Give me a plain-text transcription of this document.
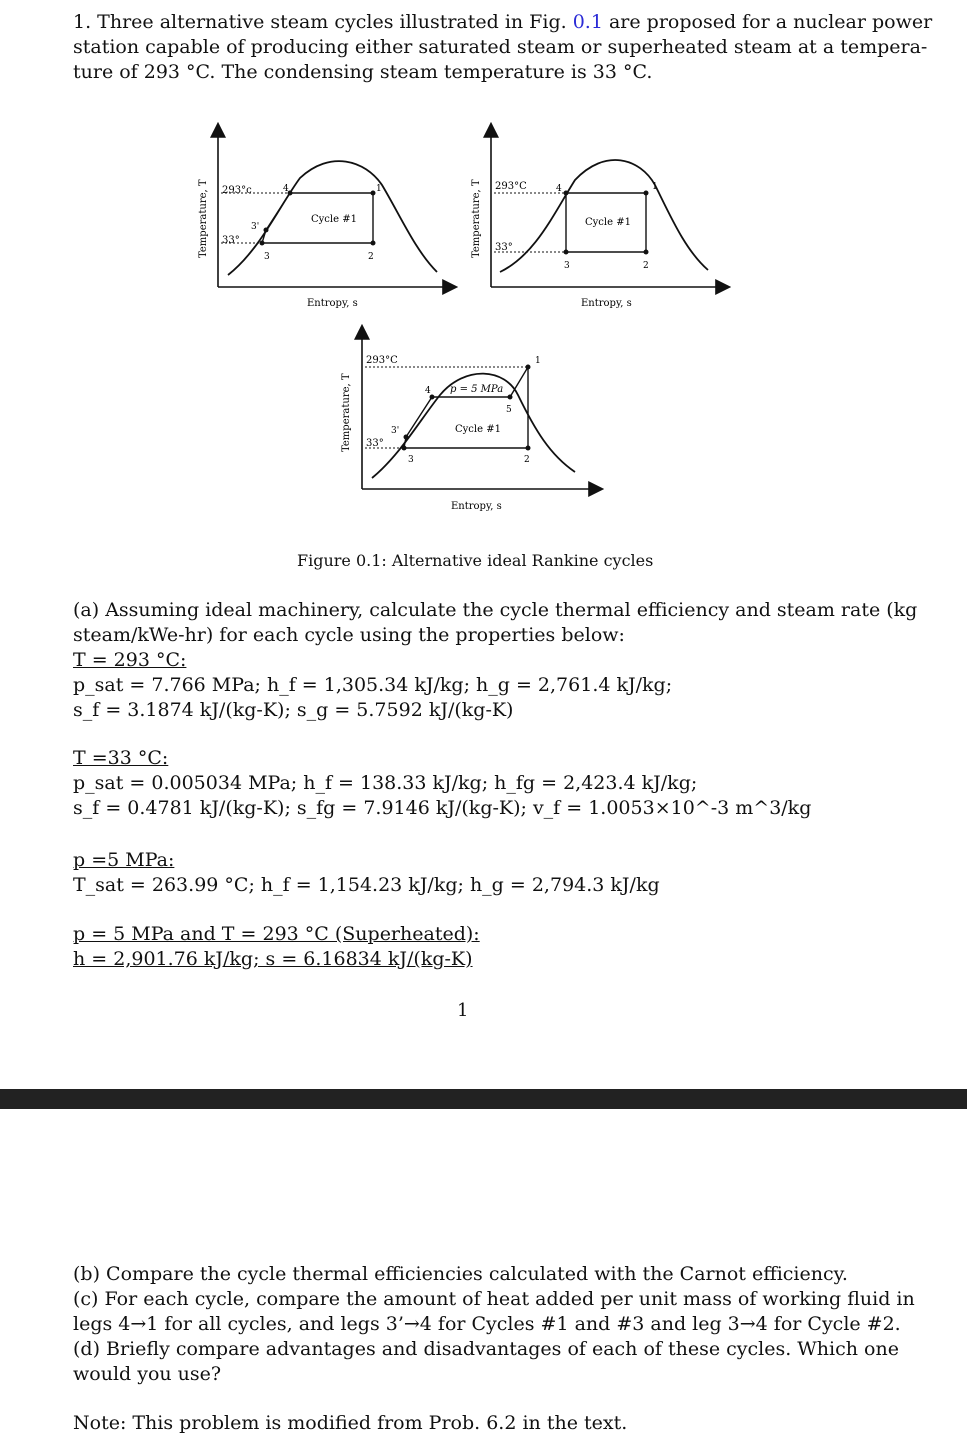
1. Three alternative steam cycles illustrated in Fig. 0.1 are proposed for a nuclear power
station capable of producing either saturated steam or superheated steam at a tempera-
ture of 293 °C. The condensing steam temperature is 33 °C.
293°c
33°
Cycle #1
4	1
2
3
3'
Entropy, s
Temperature, T	293°C
33°
Cycle #1
4	1
2
3
Entropy, s
Temperature, T
293°C
33°
p = 5 MPa
Cycle #1
4
1
5
2
3
3'
Entropy, s
Temperature, T
Figure 0.1: Alternative ideal Rankine cycles
(a) Assuming ideal machinery, calculate the cycle thermal efficiency and steam rate (kg
steam/kWe-hr) for each cycle using the properties below:
T = 293 °C:
p_sat = 7.766 MPa; h_f = 1,305.34 kJ/kg; h_g = 2,761.4 kJ/kg;
s_f = 3.1874 kJ/(kg-K); s_g = 5.7592 kJ/(kg-K)
T =33 °C:
p_sat = 0.005034 MPa; h_f = 138.33 kJ/kg; h_fg = 2,423.4 kJ/kg;
s_f = 0.4781 kJ/(kg-K); s_fg = 7.9146 kJ/(kg-K); v_f = 1.0053×10^-3 m^3/kg
p =5 MPa:
T_sat = 263.99 °C; h_f = 1,154.23 kJ/kg; h_g = 2,794.3 kJ/kg
p = 5 MPa and T = 293 °C (Superheated):
h = 2,901.76 kJ/kg; s = 6.16834 kJ/(kg-K)
1
(b) Compare the cycle thermal efficiencies calculated with the Carnot efficiency.
(c) For each cycle, compare the amount of heat added per unit mass of working fluid in
legs 4→1 for all cycles, and legs 3’→4 for Cycles #1 and #3 and leg 3→4 for Cycle #2.
(d) Briefly compare advantages and disadvantages of each of these cycles. Which one
would you use?
Note: This problem is modified from Prob. 6.2 in the text.
